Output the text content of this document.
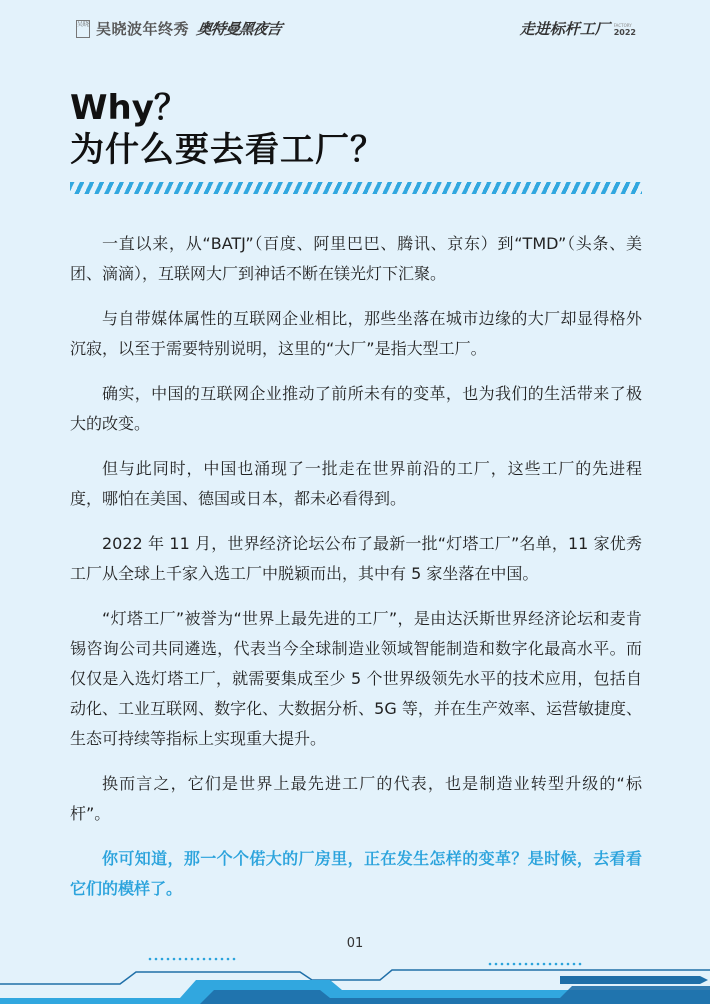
吴晓 吴晓波年终秀 奥特曼黑夜吉	走进标杆工厂 FACTORY
2022
Why？
为什么要去看工厂？

一直以来，从“BATJ”（百度、阿里巴巴、腾讯、京东）到“TMD”（头条、美团、滴滴），互联网大厂到神话不断在镁光灯下汇聚。

与自带媒体属性的互联网企业相比，那些坐落在城市边缘的大厂却显得格外沉寂，以至于需要特别说明，这里的“大厂”是指大型工厂。

确实，中国的互联网企业推动了前所未有的变革，也为我们的生活带来了极大的改变。

但与此同时，中国也涌现了一批走在世界前沿的工厂，这些工厂的先进程度，哪怕在美国、德国或日本，都未必看得到。

2022 年 11 月，世界经济论坛公布了最新一批“灯塔工厂”名单，11 家优秀工厂从全球上千家入选工厂中脱颖而出，其中有 5 家坐落在中国。

“灯塔工厂”被誉为“世界上最先进的工厂”，是由达沃斯世界经济论坛和麦肯锡咨询公司共同遴选，代表当今全球制造业领域智能制造和数字化最高水平。而仅仅是入选灯塔工厂，就需要集成至少 5 个世界级领先水平的技术应用，包括自动化、工业互联网、数字化、大数据分析、5G 等，并在生产效率、运营敏捷度、生态可持续等指标上实现重大提升。

换而言之，它们是世界上最先进工厂的代表，也是制造业转型升级的“标杆”。

你可知道，那一个个偌大的厂房里，正在发生怎样的变革？是时候，去看看它们的模样了。

01
